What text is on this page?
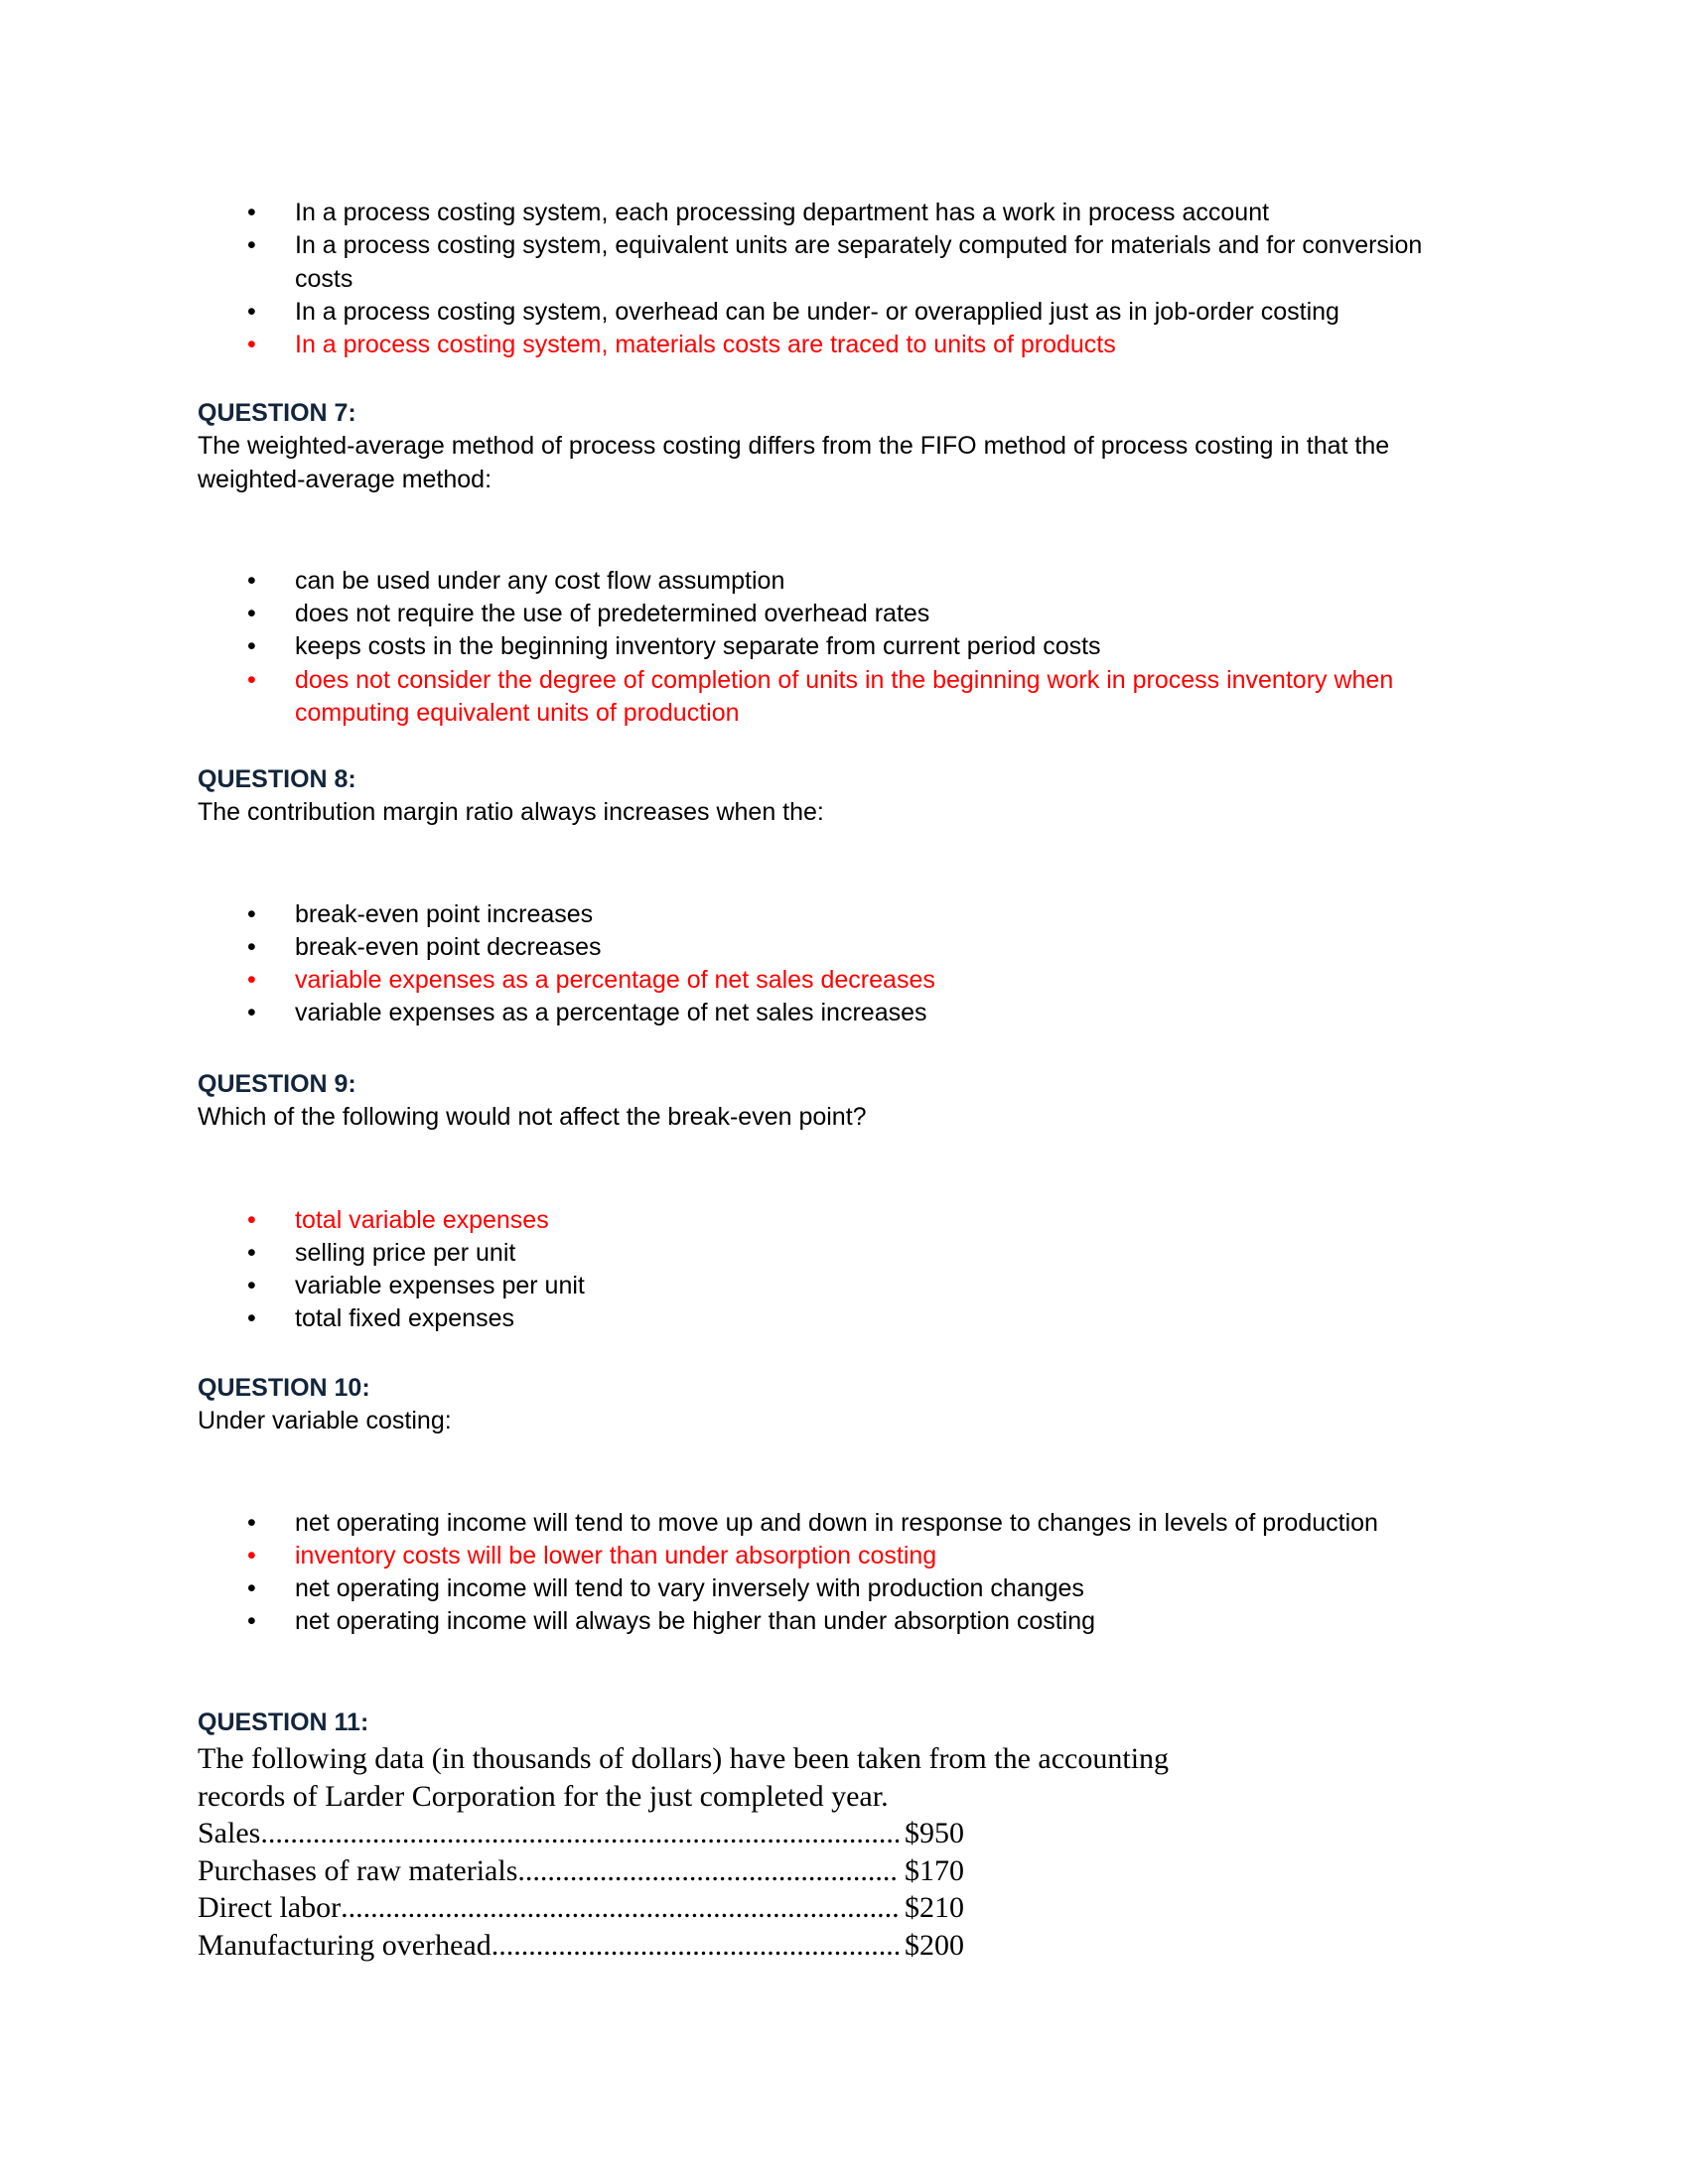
• In a process costing system, each processing department has a work in process account
• In a process costing system, equivalent units are separately computed for materials and for conversion costs
• In a process costing system, overhead can be under- or overapplied just as in job-order costing
• In a process costing system, materials costs are traced to units of products
QUESTION 7:
The weighted-average method of process costing differs from the FIFO method of process costing in that the weighted-average method:
• can be used under any cost flow assumption
• does not require the use of predetermined overhead rates
• keeps costs in the beginning inventory separate from current period costs
• does not consider the degree of completion of units in the beginning work in process inventory when computing equivalent units of production
QUESTION 8:
The contribution margin ratio always increases when the:
• break-even point increases
• break-even point decreases
• variable expenses as a percentage of net sales decreases
• variable expenses as a percentage of net sales increases
QUESTION 9:
Which of the following would not affect the break-even point?
• total variable expenses
• selling price per unit
• variable expenses per unit
• total fixed expenses
QUESTION 10:
Under variable costing:
• net operating income will tend to move up and down in response to changes in levels of production
• inventory costs will be lower than under absorption costing
• net operating income will tend to vary inversely with production changes
• net operating income will always be higher than under absorption costing
QUESTION 11:
The following data (in thousands of dollars) have been taken from the accounting
records of Larder Corporation for the just completed year.
Sales .....	$950
Purchases of raw materials .....	$170
Direct labor .....	$210
Manufacturing overhead .....	$200
